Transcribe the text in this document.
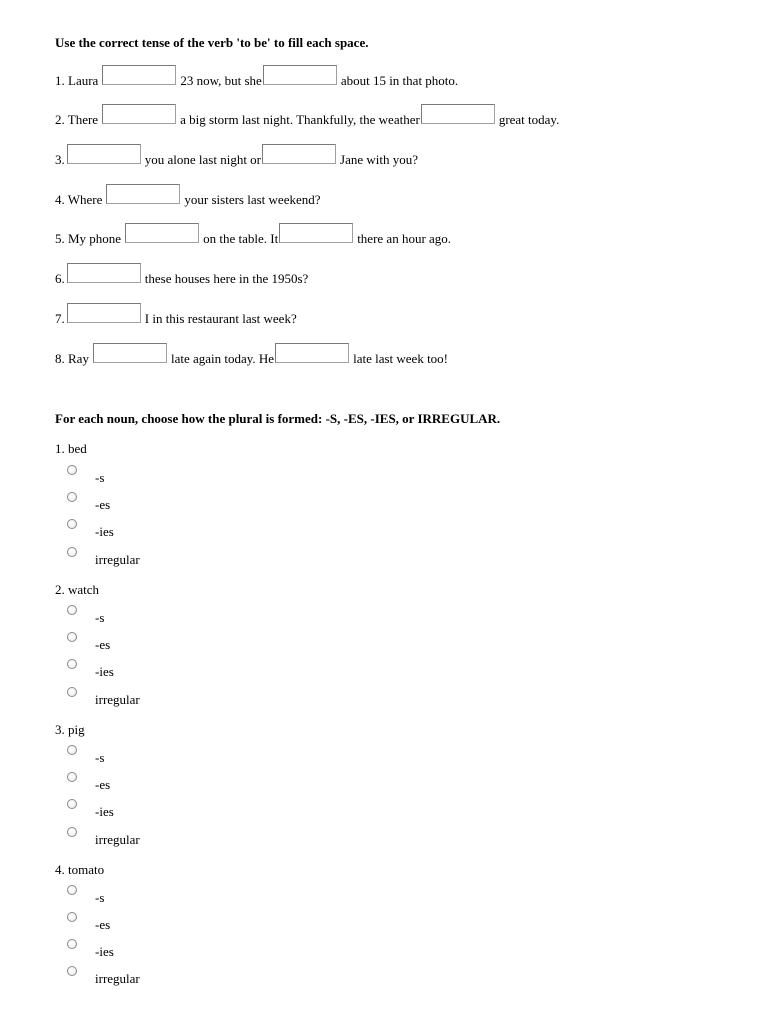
Use the correct tense of the verb 'to be' to fill each space.
1. Laura	23 now, but she	about 15 in that photo.
2. There	a big storm last night. Thankfully, the weather	great today.
3.	you alone last night or	Jane with you?
4. Where	your sisters last weekend?
5. My phone	on the table. It	there an hour ago.
6.	these houses here in the 1950s?
7.	I in this restaurant last week?
8. Ray	late again today. He	late last week too!
For each noun, choose how the plural is formed: -S, -ES, -IES, or IRREGULAR.
1. bed
-s
-es
-ies
irregular
2. watch
-s
-es
-ies
irregular
3. pig
-s
-es
-ies
irregular
4. tomato
-s
-es
-ies
irregular
